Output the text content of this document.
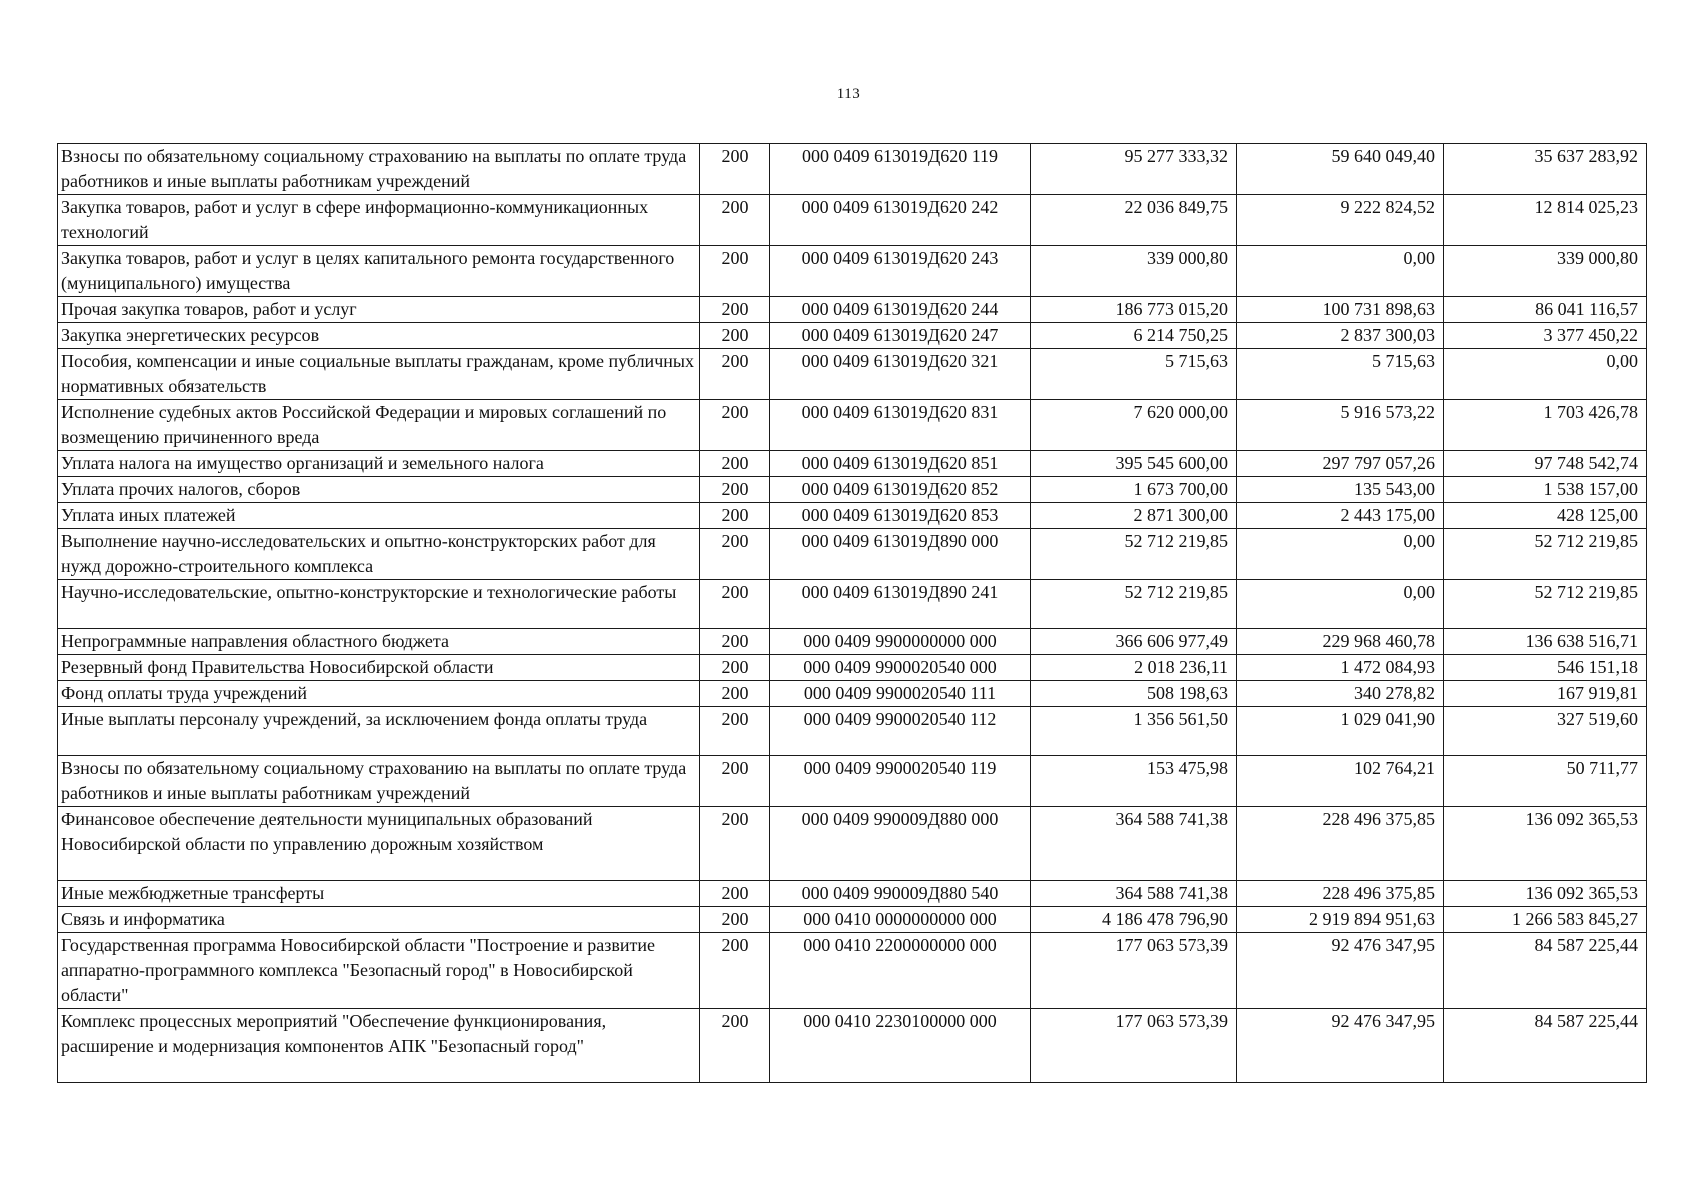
113
Взносы по обязательному социальному страхованию на выплаты по оплате труда работников и иные выплаты работникам учреждений	200	000 0409 613019Д620 119	95 277 333,32	59 640 049,40	35 637 283,92
Закупка товаров, работ и услуг в сфере информационно-коммуникационных технологий	200	000 0409 613019Д620 242	22 036 849,75	9 222 824,52	12 814 025,23
Закупка товаров, работ и услуг в целях капитального ремонта государственного (муниципального) имущества	200	000 0409 613019Д620 243	339 000,80	0,00	339 000,80
Прочая закупка товаров, работ и услуг	200	000 0409 613019Д620 244	186 773 015,20	100 731 898,63	86 041 116,57
Закупка энергетических ресурсов	200	000 0409 613019Д620 247	6 214 750,25	2 837 300,03	3 377 450,22
Пособия, компенсации и иные социальные выплаты гражданам, кроме публичных нормативных обязательств	200	000 0409 613019Д620 321	5 715,63	5 715,63	0,00
Исполнение судебных актов Российской Федерации и мировых соглашений по возмещению причиненного вреда	200	000 0409 613019Д620 831	7 620 000,00	5 916 573,22	1 703 426,78
Уплата налога на имущество организаций и земельного налога	200	000 0409 613019Д620 851	395 545 600,00	297 797 057,26	97 748 542,74
Уплата прочих налогов, сборов	200	000 0409 613019Д620 852	1 673 700,00	135 543,00	1 538 157,00
Уплата иных платежей	200	000 0409 613019Д620 853	2 871 300,00	2 443 175,00	428 125,00
Выполнение научно-исследовательских и опытно-конструкторских работ для нужд дорожно-строительного комплекса	200	000 0409 613019Д890 000	52 712 219,85	0,00	52 712 219,85
Научно-исследовательские, опытно-конструкторские и технологические работы	200	000 0409 613019Д890 241	52 712 219,85	0,00	52 712 219,85
Непрограммные направления областного бюджета	200	000 0409 9900000000 000	366 606 977,49	229 968 460,78	136 638 516,71
Резервный фонд Правительства Новосибирской области	200	000 0409 9900020540 000	2 018 236,11	1 472 084,93	546 151,18
Фонд оплаты труда учреждений	200	000 0409 9900020540 111	508 198,63	340 278,82	167 919,81
Иные выплаты персоналу учреждений, за исключением фонда оплаты труда	200	000 0409 9900020540 112	1 356 561,50	1 029 041,90	327 519,60
Взносы по обязательному социальному страхованию на выплаты по оплате труда работников и иные выплаты работникам учреждений	200	000 0409 9900020540 119	153 475,98	102 764,21	50 711,77
Финансовое обеспечение деятельности муниципальных образований Новосибирской области по управлению дорожным хозяйством	200	000 0409 990009Д880 000	364 588 741,38	228 496 375,85	136 092 365,53
Иные межбюджетные трансферты	200	000 0409 990009Д880 540	364 588 741,38	228 496 375,85	136 092 365,53
Связь и информатика	200	000 0410 0000000000 000	4 186 478 796,90	2 919 894 951,63	1 266 583 845,27
Государственная программа Новосибирской области "Построение и развитие аппаратно-программного комплекса "Безопасный город" в Новосибирской области"	200	000 0410 2200000000 000	177 063 573,39	92 476 347,95	84 587 225,44
Комплекс процессных мероприятий "Обеспечение функционирования, расширение и модернизация компонентов АПК "Безопасный город"	200	000 0410 2230100000 000	177 063 573,39	92 476 347,95	84 587 225,44
